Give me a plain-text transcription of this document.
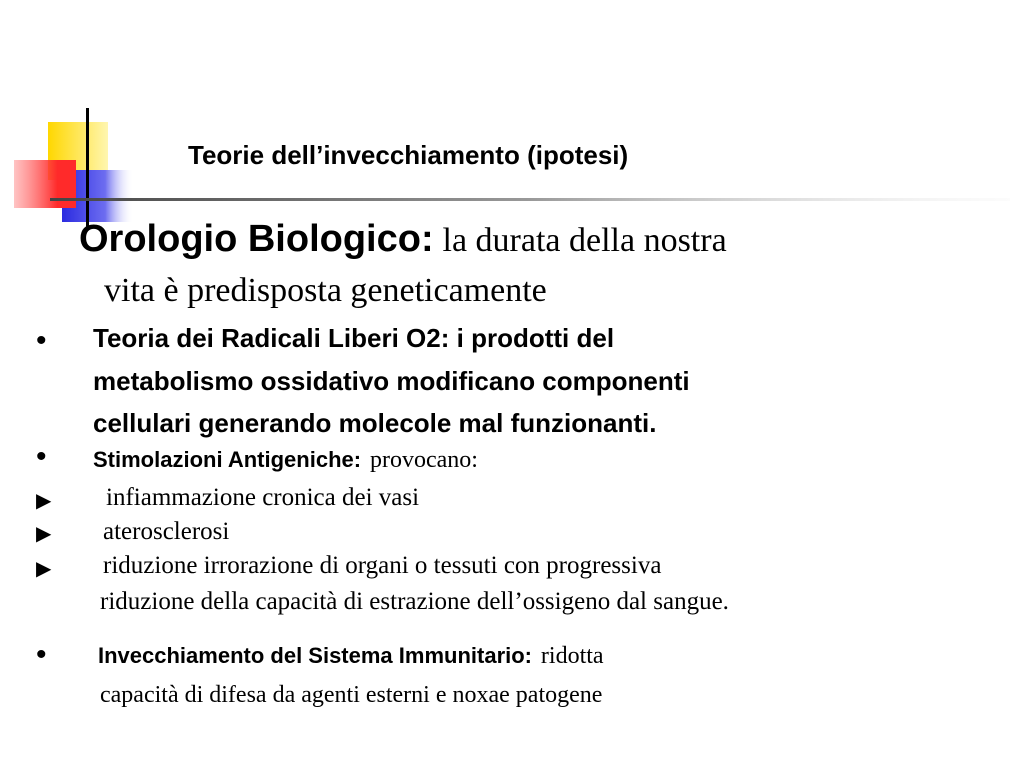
Teorie dell’invecchiamento (ipotesi)
Orologio Biologico: la durata della nostra
vita è predisposta geneticamente
• Teoria dei Radicali Liberi O2: i prodotti del
metabolismo ossidativo modificano componenti
cellulari generando molecole mal funzionanti.
• Stimolazioni Antigeniche: provocano:
▶ infiammazione cronica dei vasi
▶ aterosclerosi
▶ riduzione irrorazione di organi o tessuti con progressiva
riduzione della capacità di estrazione dell’ossigeno dal sangue.
• Invecchiamento del Sistema Immunitario: ridotta
capacità di difesa da agenti esterni e noxae patogene
